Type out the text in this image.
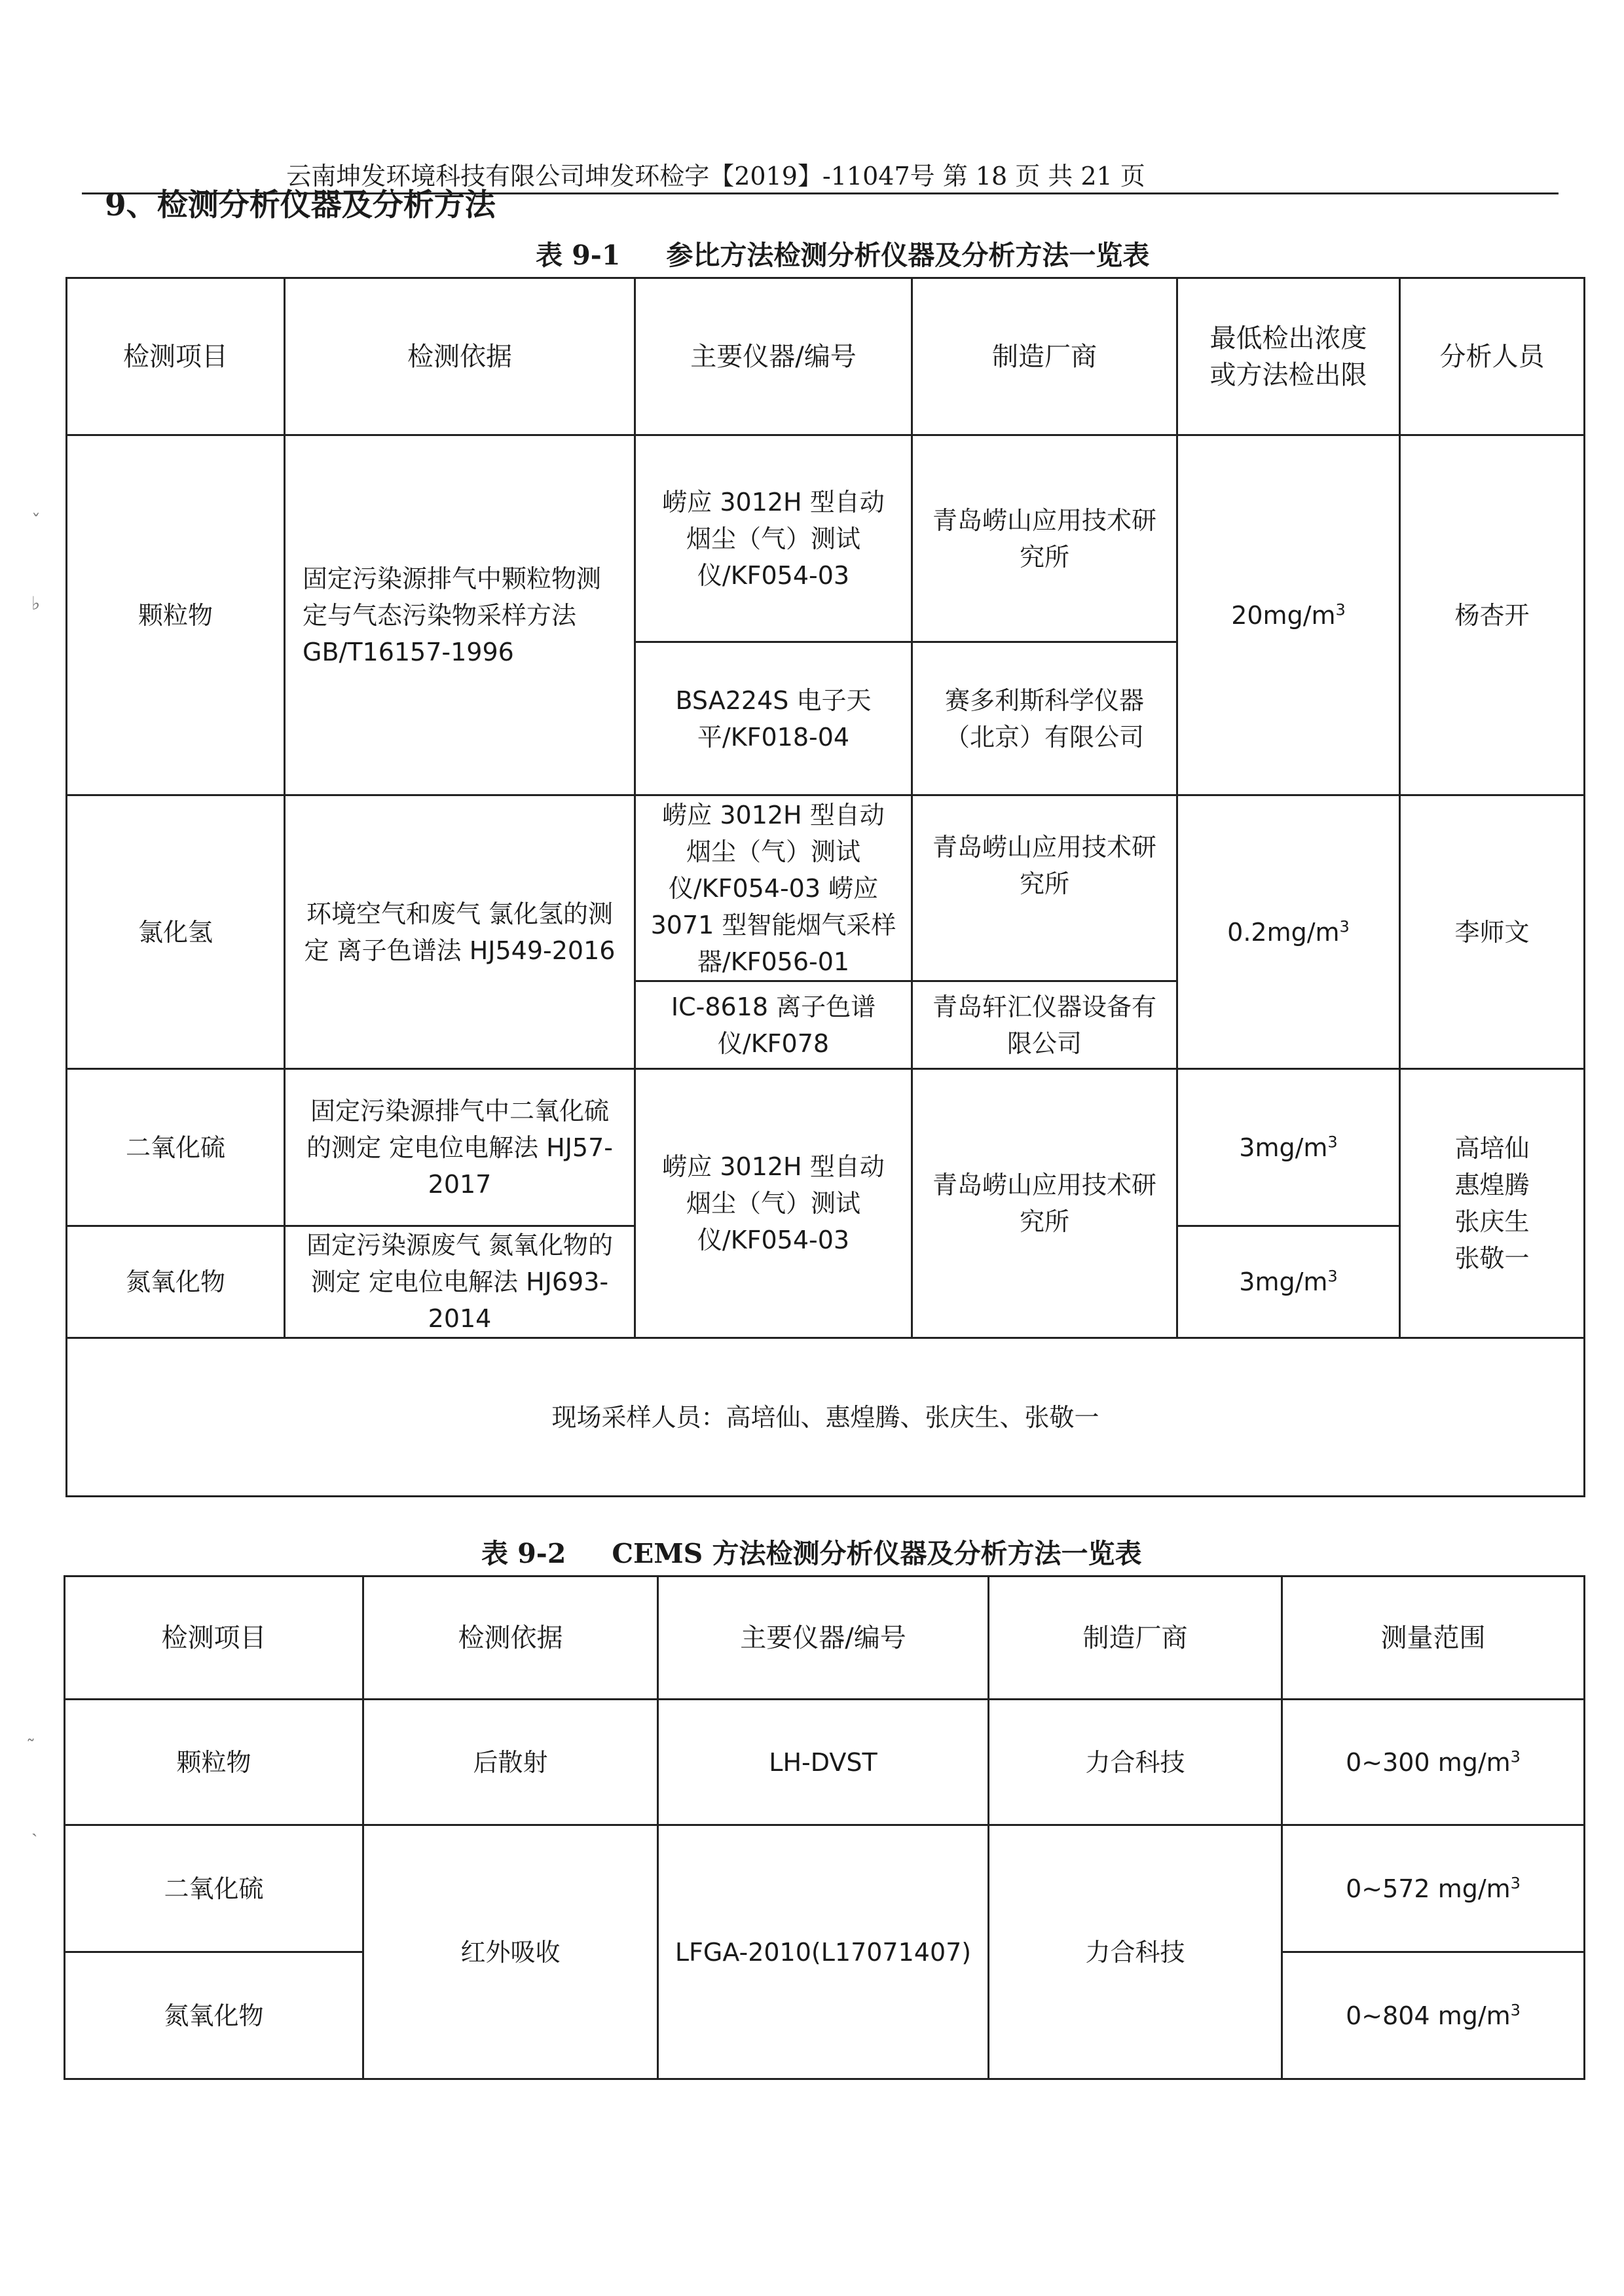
云南坤发环境科技有限公司坤发环检字【2019】-11047号 第 18 页 共 21 页
9、检测分析仪器及分析方法
ˇ
♭
˷
ˎ
表 9-1 参比方法检测分析仪器及分析方法一览表
检测项目	检测依据	主要仪器/编号	制造厂商	最低检出浓度或方法检出限	分析人员
颗粒物	固定污染源排气中颗粒物测定与气态污染物采样方法 GB/T16157-1996	崂应 3012H 型自动烟尘（气）测试仪/KF054-03	青岛崂山应用技术研究所	$20mg/m^3$	杨杏开
		BSA224S 电子天平/KF018-04	赛多利斯科学仪器（北京）有限公司		
氯化氢	环境空气和废气 氯化氢的测定 离子色谱法 HJ549-2016	崂应 3012H 型自动烟尘（气）测试仪/KF054-03 崂应 3071 型智能烟气采样器/KF056-01	青岛崂山应用技术研究所	$0.2mg/m^3$	李师文
		IC-8618 离子色谱仪/KF078	青岛轩汇仪器设备有限公司		
二氧化硫	固定污染源排气中二氧化硫的测定 定电位电解法 HJ57-2017	崂应 3012H 型自动烟尘（气）测试仪/KF054-03	青岛崂山应用技术研究所	$3mg/m^3$	高培仙 惠煌腾 张庆生 张敬一
氮氧化物	固定污染源废气 氮氧化物的测定 定电位电解法 HJ693-2014			$3mg/m^3$
现场采样人员：高培仙、惠煌腾、张庆生、张敬一					
表 9-2 CEMS 方法检测分析仪器及分析方法一览表
检测项目	检测依据	主要仪器/编号	制造厂商	测量范围
颗粒物	后散射	LH-DVST	力合科技	0~300 $mg/m^3$
二氧化硫	红外吸收	LFGA-2010(L17071407)	力合科技	0~572 $mg/m^3$
氮氧化物				0~804 $mg/m^3$
